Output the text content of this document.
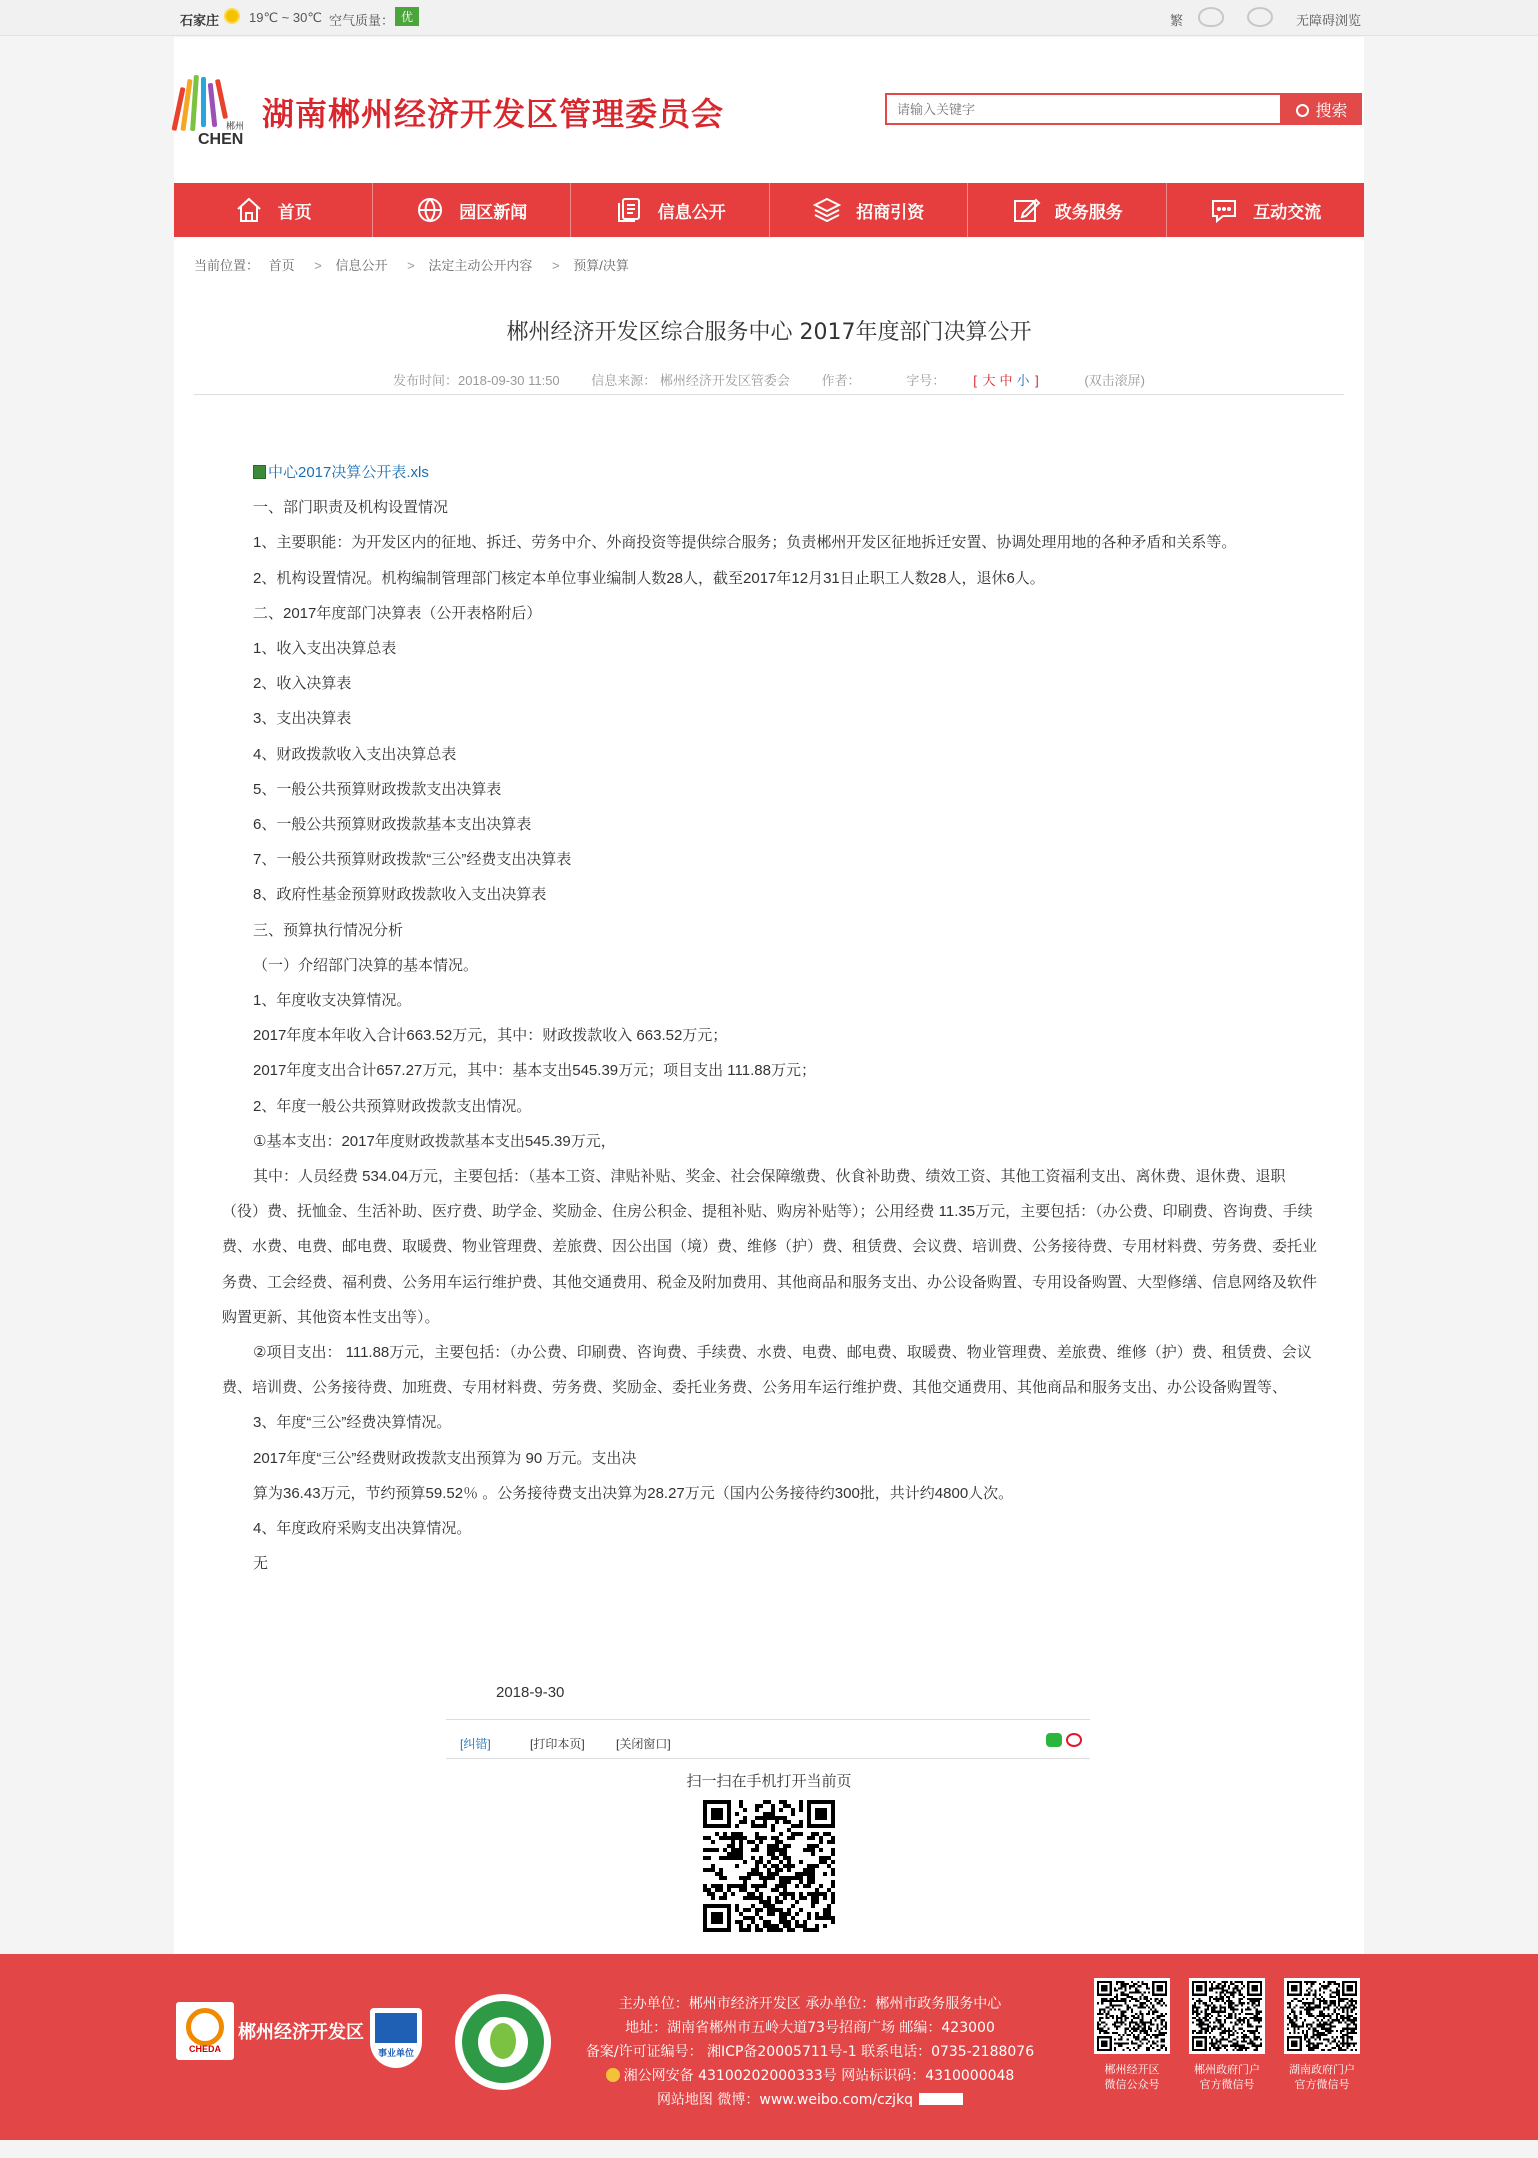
石家庄 19℃ ~ 30℃ 空气质量： 优	繁	无障碍浏览
郴州
CHEN
湖南郴州经济开发区管理委员会
请输入关键字	搜索
首页	园区新闻	信息公开	招商引资	政务服务	互动交流
当前位置： 首页 > 信息公开 > 法定主动公开内容 > 预算/决算
郴州经济开发区综合服务中心 2017年度部门决算公开
发布时间：2018-09-30 11:50 信息来源： 郴州经济开发区管委会 作者：	字号： [ 大 中 小 ]	(双击滚屏)

中心2017决算公开表.xls

一、部门职责及机构设置情况

1、主要职能：为开发区内的征地、拆迁、劳务中介、外商投资等提供综合服务；负责郴州开发区征地拆迁安置、协调处理用地的各种矛盾和关系等。

2、机构设置情况。机构编制管理部门核定本单位事业编制人数28人，截至2017年12月31日止职工人数28人，退休6人。

二、2017年度部门决算表（公开表格附后）

1、收入支出决算总表

2、收入决算表

3、支出决算表

4、财政拨款收入支出决算总表

5、一般公共预算财政拨款支出决算表

6、一般公共预算财政拨款基本支出决算表

7、一般公共预算财政拨款“三公”经费支出决算表

8、政府性基金预算财政拨款收入支出决算表

三、预算执行情况分析

（一）介绍部门决算的基本情况。

1、年度收支决算情况。

2017年度本年收入合计663.52万元，其中：财政拨款收入 663.52万元；

2017年度支出合计657.27万元，其中：基本支出545.39万元；项目支出 111.88万元；

2、年度一般公共预算财政拨款支出情况。

①基本支出：2017年度财政拨款基本支出545.39万元，

其中：人员经费 534.04万元，主要包括：（基本工资、津贴补贴、奖金、社会保障缴费、伙食补助费、绩效工资、其他工资福利支出、离休费、退休费、退职（役）费、抚恤金、生活补助、医疗费、助学金、奖励金、住房公积金、提租补贴、购房补贴等）；公用经费 11.35万元，主要包括：（办公费、印刷费、咨询费、手续费、水费、电费、邮电费、取暖费、物业管理费、差旅费、因公出国（境）费、维修（护）费、租赁费、会议费、培训费、公务接待费、专用材料费、劳务费、委托业务费、工会经费、福利费、公务用车运行维护费、其他交通费用、税金及附加费用、其他商品和服务支出、办公设备购置、专用设备购置、大型修缮、信息网络及软件购置更新、其他资本性支出等）。

②项目支出： 111.88万元，主要包括：（办公费、印刷费、咨询费、手续费、水费、电费、邮电费、取暖费、物业管理费、差旅费、维修（护）费、租赁费、会议费、培训费、公务接待费、加班费、专用材料费、劳务费、奖励金、委托业务费、公务用车运行维护费、其他交通费用、其他商品和服务支出、办公设备购置等、

3、年度“三公”经费决算情况。

2017年度“三公”经费财政拨款支出预算为 90 万元。支出决

算为36.43万元，节约预算59.52％ 。公务接待费支出决算为28.27万元（国内公务接待约300批，共计约4800人次。

4、年度政府采购支出决算情况。

无

2018-9-30
[纠错]	[打印本页]	[关闭窗口]
扫一扫在手机打开当前页
CHEDA
郴州经济开发区
事业单位

主办单位：郴州市经济开发区 承办单位：郴州市政务服务中心

地址：湖南省郴州市五岭大道73号招商广场 邮编：423000

备案/许可证编号： 湘ICP备20005711号-1 联系电话：0735-2188076

湘公网安备 43100202000333号 网站标识码：4310000048

网站地图 微博：www.weibo.com/czjkq

郴州经开区
微信公众号
郴州政府门户
官方微信号
湖南政府门户
官方微信号
